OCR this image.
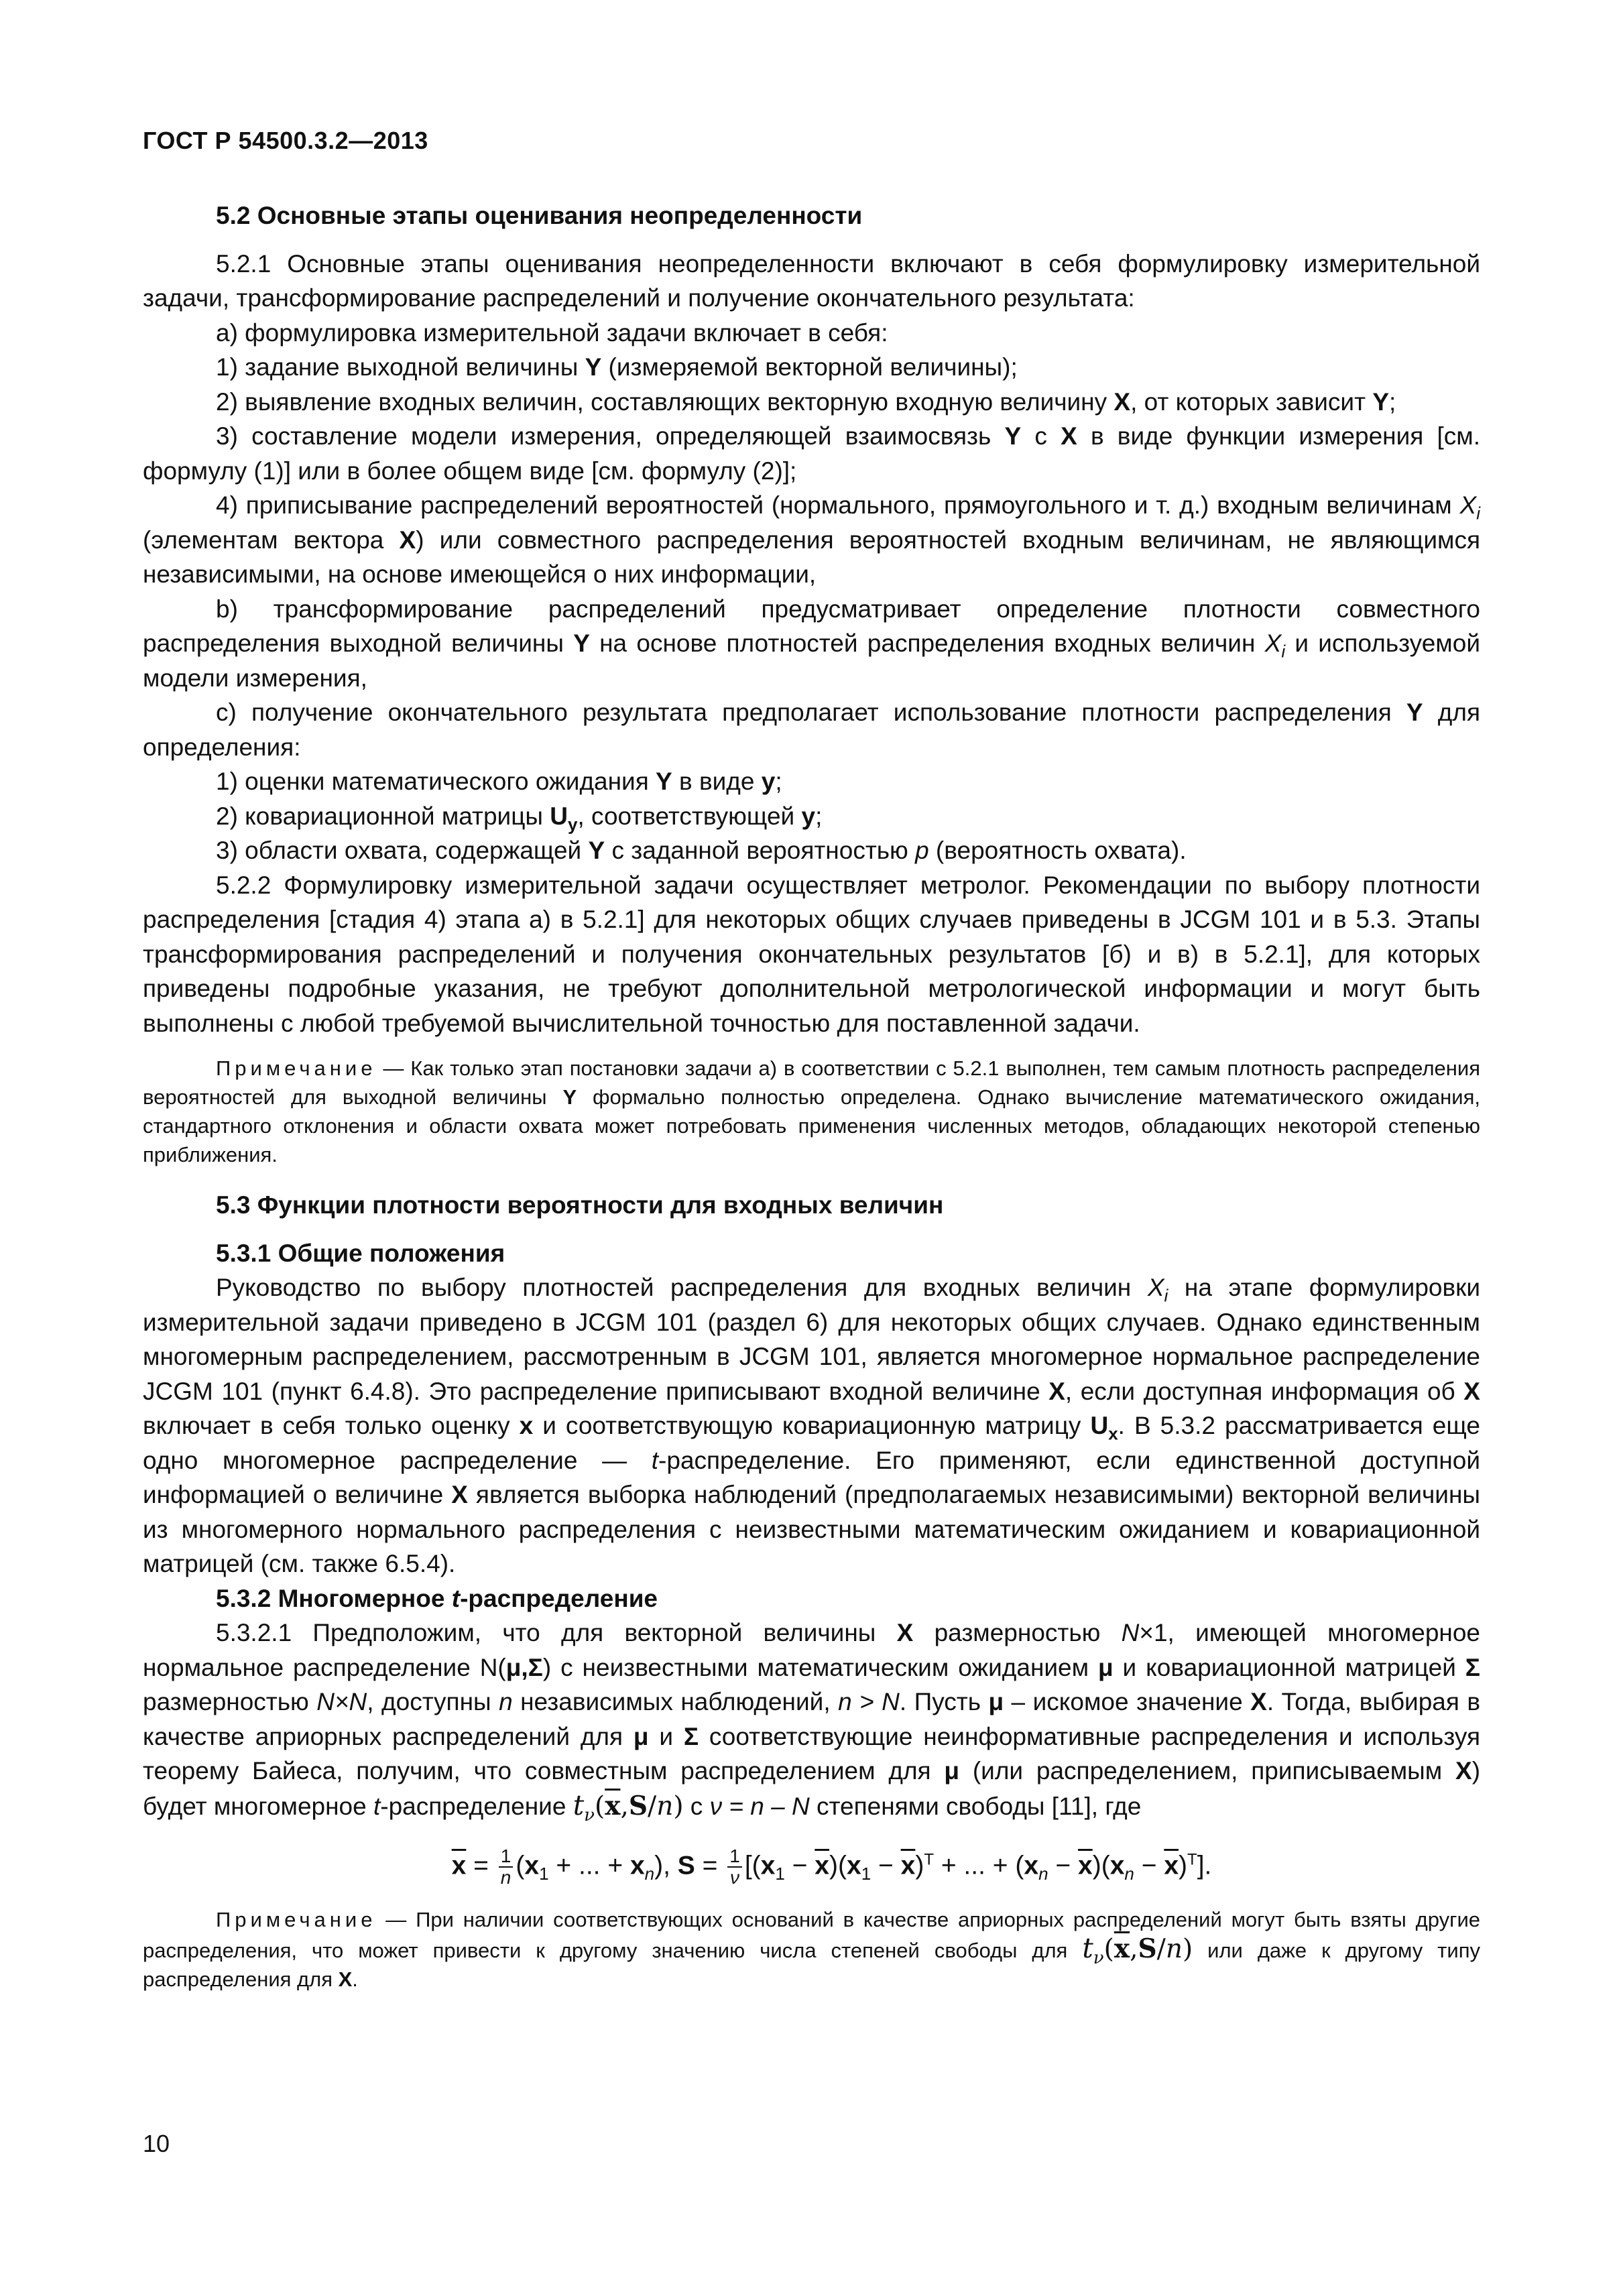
ГОСТ Р 54500.3.2—2013

5.2 Основные этапы оценивания неопределенности

5.2.1 Основные этапы оценивания неопределенности включают в себя формулировку измерительной задачи, трансформирование распределений и получение окончательного результата:

а) формулировка измерительной задачи включает в себя:

1) задание выходной величины Y (измеряемой векторной величины);

2) выявление входных величин, составляющих векторную входную величину X, от которых зависит Y;

3) составление модели измерения, определяющей взаимосвязь Y с X в виде функции измерения [см. формулу (1)] или в более общем виде [см. формулу (2)];

4) приписывание распределений вероятностей (нормального, прямоугольного и т. д.) входным величинам $X_i$ (элементам вектора X) или совместного распределения вероятностей входным величинам, не являющимся независимыми, на основе имеющейся о них информации,

b) трансформирование распределений предусматривает определение плотности совместного распределения выходной величины Y на основе плотностей распределения входных величин $X_i$ и используемой модели измерения,

с) получение окончательного результата предполагает использование плотности распределения Y для определения:

1) оценки математического ожидания Y в виде y;

2) ковариационной матрицы $U_y$, соответствующей y;

3) области охвата, содержащей Y с заданной вероятностью p (вероятность охвата).

5.2.2 Формулировку измерительной задачи осуществляет метролог. Рекомендации по выбору плотности распределения [стадия 4) этапа а) в 5.2.1] для некоторых общих случаев приведены в JCGM 101 и в 5.3. Этапы трансформирования распределений и получения окончательных результатов [б) и в) в 5.2.1], для которых приведены подробные указания, не требуют дополнительной метрологической информации и могут быть выполнены с любой требуемой вычислительной точностью для поставленной задачи.

Примечание — Как только этап постановки задачи а) в соответствии с 5.2.1 выполнен, тем самым плотность распределения вероятностей для выходной величины Y формально полностью определена. Однако вычисление математического ожидания, стандартного отклонения и области охвата может потребовать применения численных методов, обладающих некоторой степенью приближения.

5.3 Функции плотности вероятности для входных величин

5.3.1 Общие положения

Руководство по выбору плотностей распределения для входных величин $X_i$ на этапе формулировки измерительной задачи приведено в JCGM 101 (раздел 6) для некоторых общих случаев. Однако единственным многомерным распределением, рассмотренным в JCGM 101, является многомерное нормальное распределение JCGM 101 (пункт 6.4.8). Это распределение приписывают входной величине X, если доступная информация об X включает в себя только оценку x и соответствующую ковариационную матрицу $U_x$. В 5.3.2 рассматривается еще одно многомерное распределение — t-распределение. Его применяют, если единственной доступной информацией о величине X является выборка наблюдений (предполагаемых независимыми) векторной величины из многомерного нормального распределения с неизвестными математическим ожиданием и ковариационной матрицей (см. также 6.5.4).

5.3.2 Многомерное t-распределение

5.3.2.1 Предположим, что для векторной величины X размерностью N×1, имеющей многомерное нормальное распределение N(μ,Σ) с неизвестными математическим ожиданием μ и ковариационной матрицей Σ размерностью N×N, доступны n независимых наблюдений, n > N. Пусть μ – искомое значение X. Тогда, выбирая в качестве априорных распределений для μ и Σ соответствующие неинформативные распределения и используя теорему Байеса, получим, что совместным распределением для μ (или распределением, приписываемым X) будет многомерное t-распределение $t_\nu(\overline{x},S/n)$ с ν = n – N степенями свободы [11], где

$\overline{x} = \frac{1}{n} (x_1$ + ... + $x_n$), $S = \frac{1}{\nu} [(x_1 - \overline{x})(x_1 - \overline{x})^T$ + ... + $(x_n - \overline{x})(x_n - \overline{x})^T$].

Примечание — При наличии соответствующих оснований в качестве априорных распределений могут быть взяты другие распределения, что может привести к другому значению числа степеней свободы для $t_\nu(\overline{x},S/n)$ или даже к другому типу распределения для X.

10
